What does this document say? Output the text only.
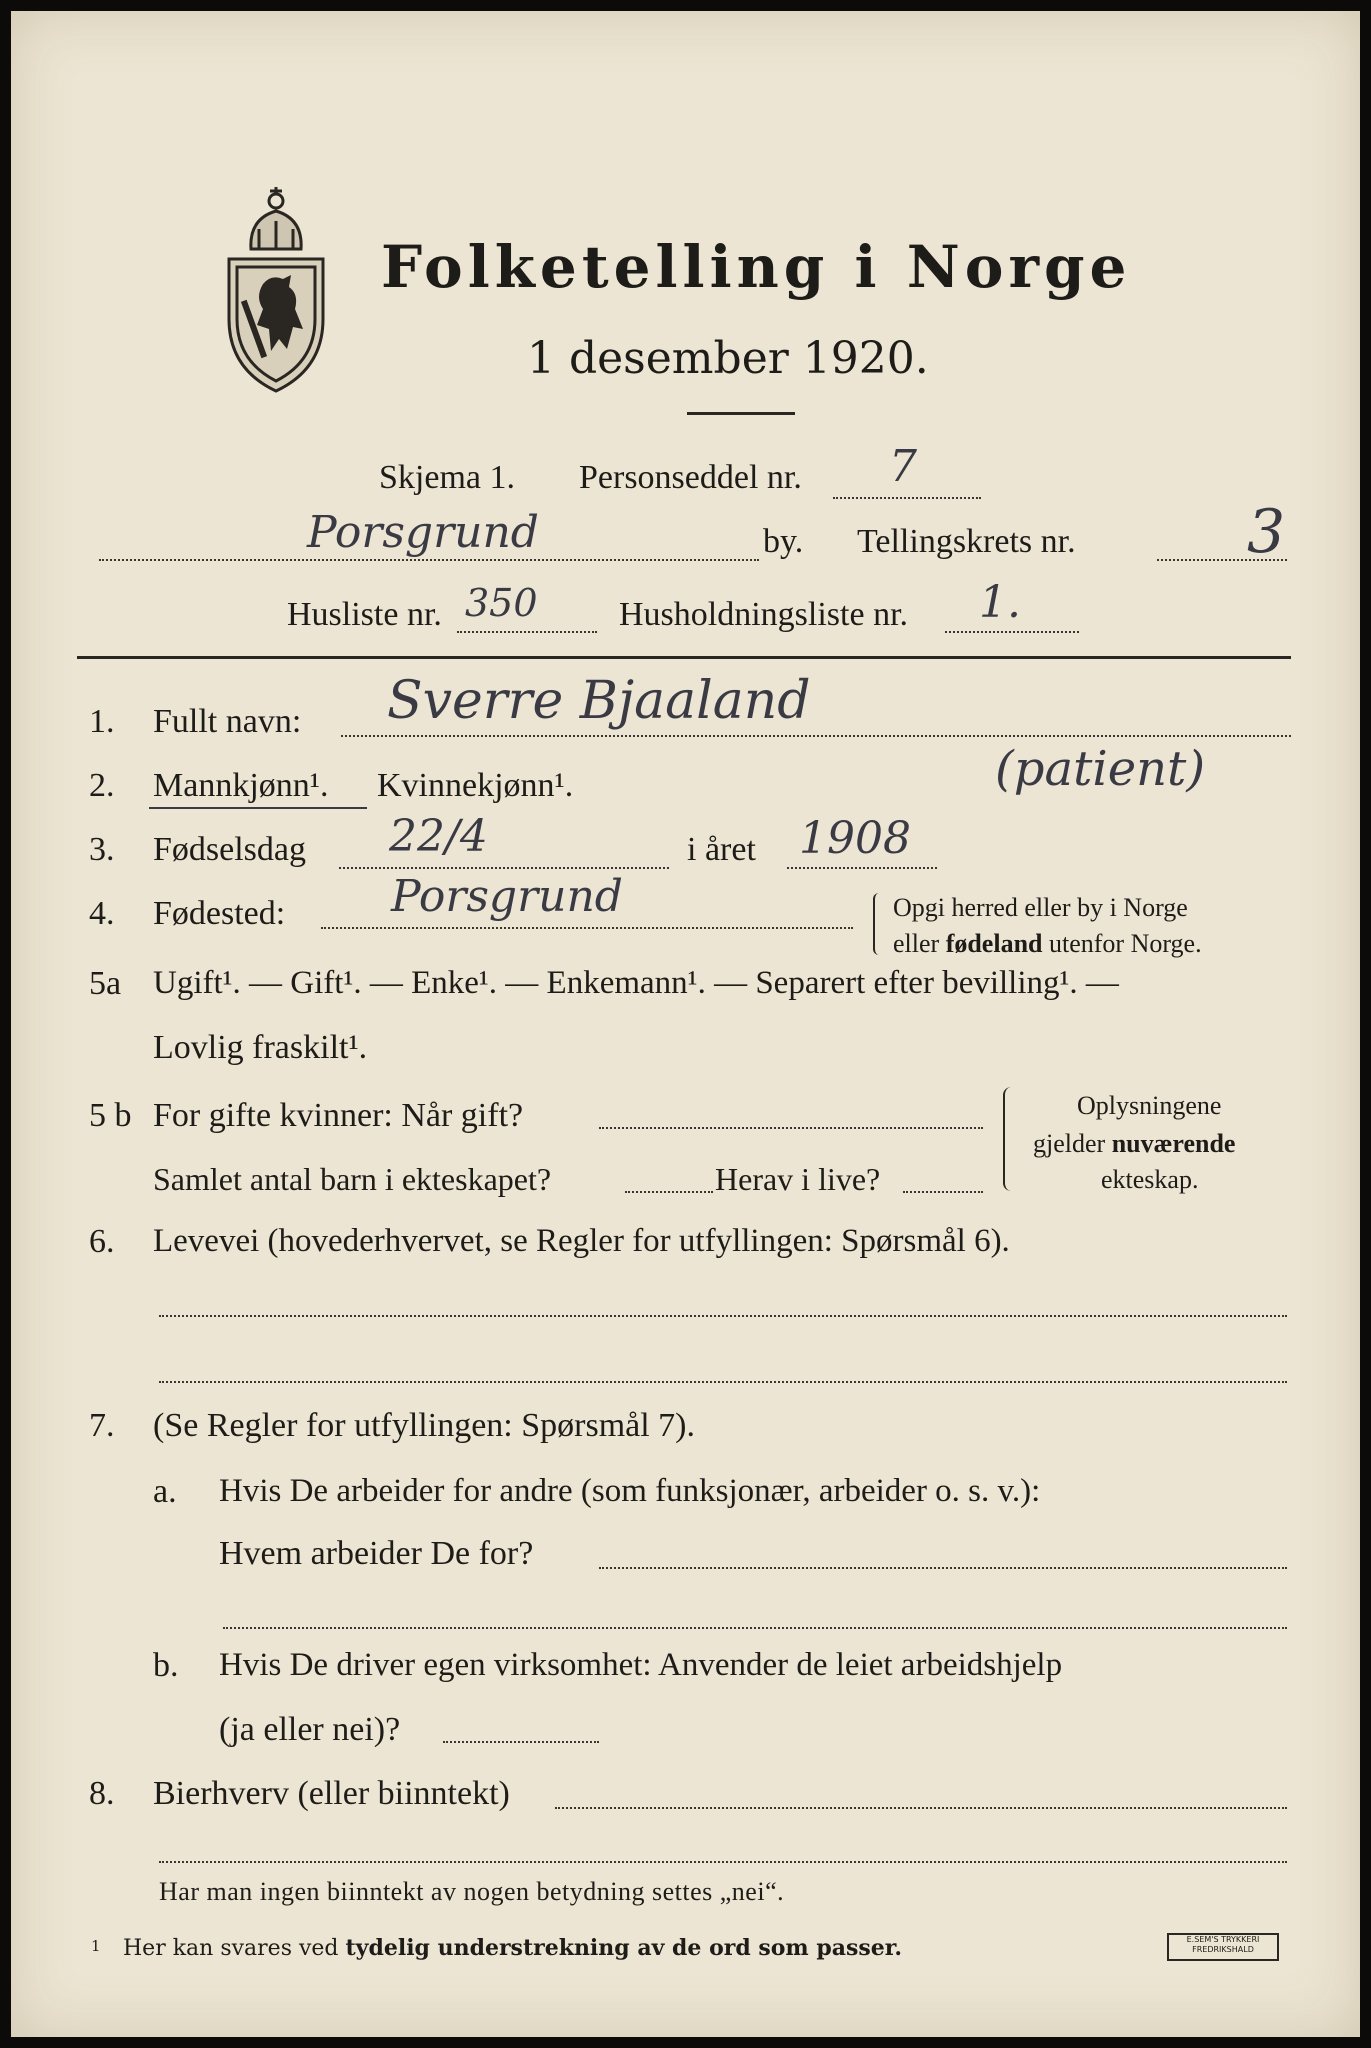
Folketelling i Norge
1 desember 1920.
Skjema 1. Personseddel nr. 7
Porsgrund	by. Tellingskrets nr.	3
Husliste nr. 350 Husholdningsliste nr. 1.
1. Fullt navn: Sverre Bjaaland
(patient)
2. Mannkjønn¹. Kvinnekjønn¹.
3. Fødselsdag 22/4	i året 1908
4. Fødested: Porsgrund	Opgi herred eller by i Norge
eller fødeland utenfor Norge.
5a Ugift¹. — Gift¹. — Enke¹. — Enkemann¹. — Separert efter bevilling¹. —
Lovlig fraskilt¹.
5 b For gifte kvinner: Når gift?
Samlet antal barn i ekteskapet?	Herav i live?
Oplysningene
gjelder nuværende
ekteskap.
6. Levevei (hovederhvervet, se Regler for utfyllingen: Spørsmål 6).
7. (Se Regler for utfyllingen: Spørsmål 7).
a. Hvis De arbeider for andre (som funksjonær, arbeider o. s. v.):
Hvem arbeider De for?
b. Hvis De driver egen virksomhet: Anvender de leiet arbeidshjelp
(ja eller nei)?
8. Bierhverv (eller biinntekt)
Har man ingen biinntekt av nogen betydning settes „nei“.
1 Her kan svares ved tydelig understrekning av de ord som passer.	E.SEM'S TRYKKERI FREDRIKSHALD
